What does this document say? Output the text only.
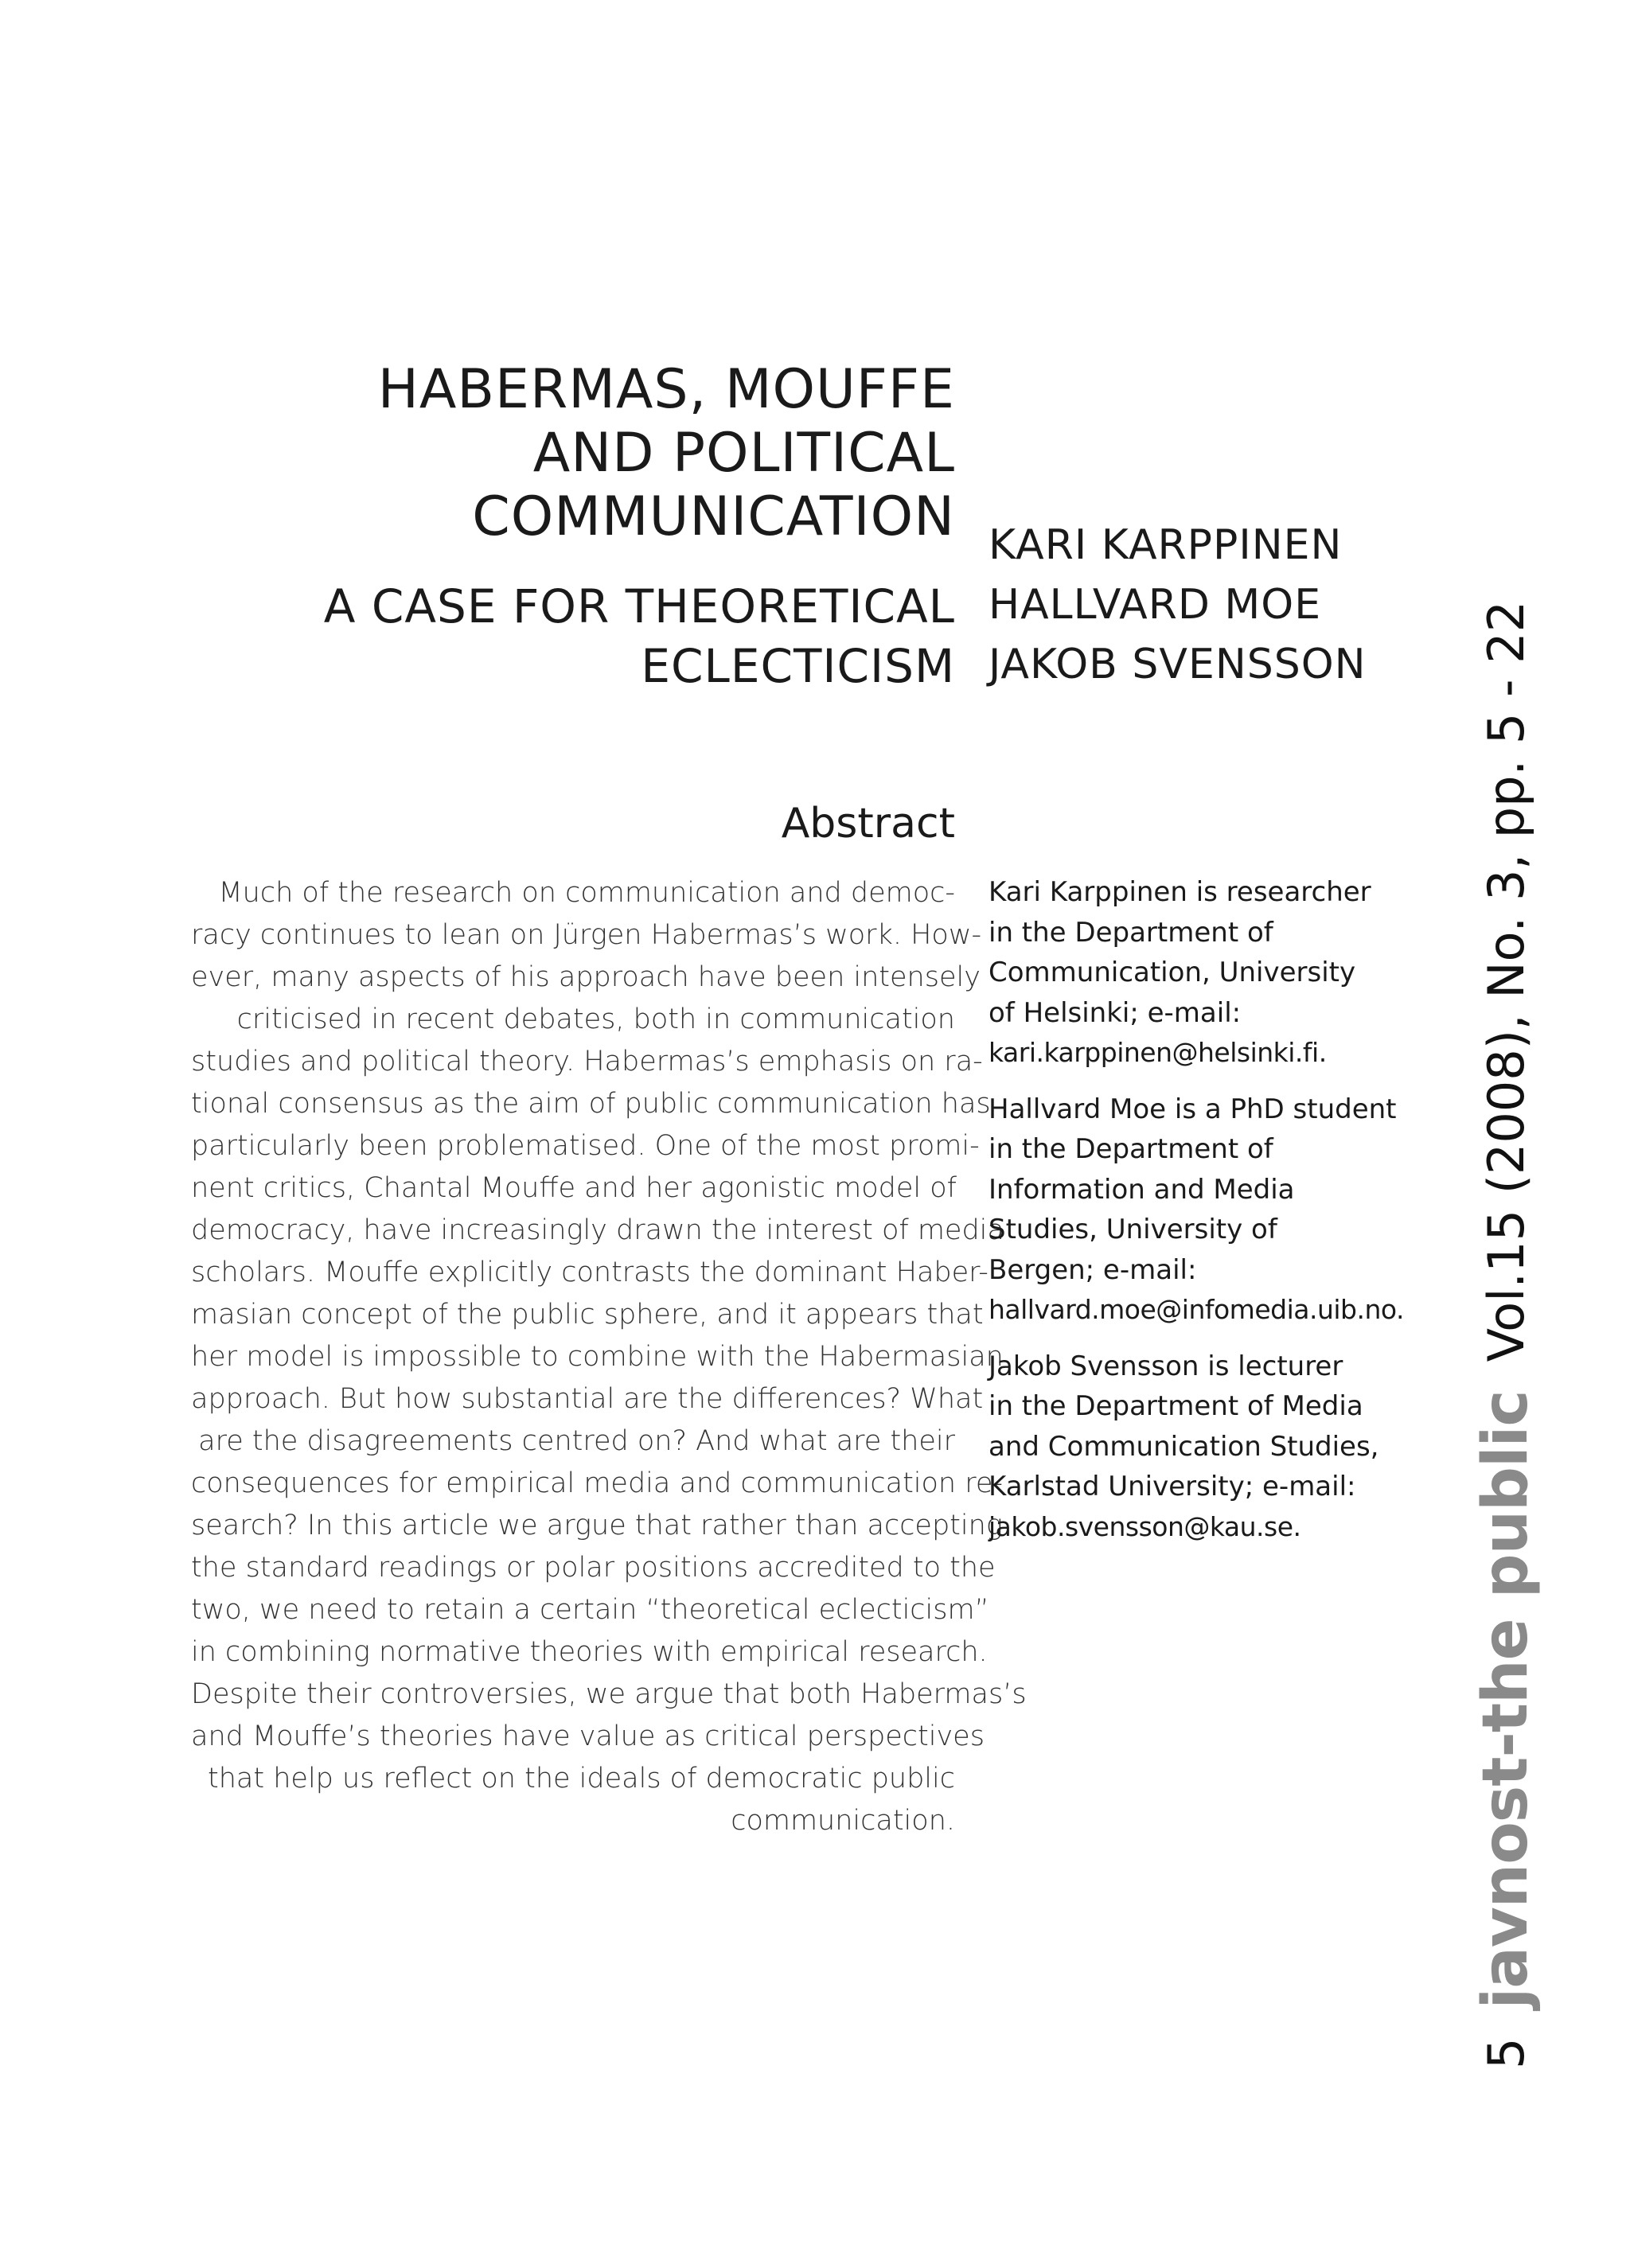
HABERMAS, MOUFFE
AND POLITICAL
COMMUNICATION
A CASE FOR THEORETICAL
ECLECTICISM
KARI KARPPINEN
HALLVARD MOE
JAKOB SVENSSON
Abstract
Much of the research on communication and democ-
racy continues to lean on Jürgen Habermas’s work. How-
ever, many aspects of his approach have been intensely
criticised in recent debates, both in communication
studies and political theory. Habermas’s emphasis on ra-
tional consensus as the aim of public communication has
particularly been problematised. One of the most promi-
nent critics, Chantal Mouffe and her agonistic model of
democracy, have increasingly drawn the interest of media
scholars. Mouffe explicitly contrasts the dominant Haber-
masian concept of the public sphere, and it appears that
her model is impossible to combine with the Habermasian
approach. But how substantial are the differences? What
are the disagreements centred on? And what are their
consequences for empirical media and communication re-
search? In this article we argue that rather than accepting
the standard readings or polar positions accredited to the
two, we need to retain a certain “theoretical eclecticism”
in combining normative theories with empirical research.
Despite their controversies, we argue that both Habermas’s
and Mouffe’s theories have value as critical perspectives
that help us reflect on the ideals of democratic public
communication.
Kari Karppinen is researcher
in the Department of
Communication, University
of Helsinki; e-mail:
kari.karppinen@helsinki.fi.
Hallvard Moe is a PhD student
in the Department of
Information and Media
Studies, University of
Bergen; e-mail:
hallvard.moe@infomedia.uib.no.
Jakob Svensson is lecturer
in the Department of Media
and Communication Studies,
Karlstad University; e-mail:
jakob.svensson@kau.se.
5
javnost-the public
Vol.15 (2008), No. 3, pp. 5 - 22
